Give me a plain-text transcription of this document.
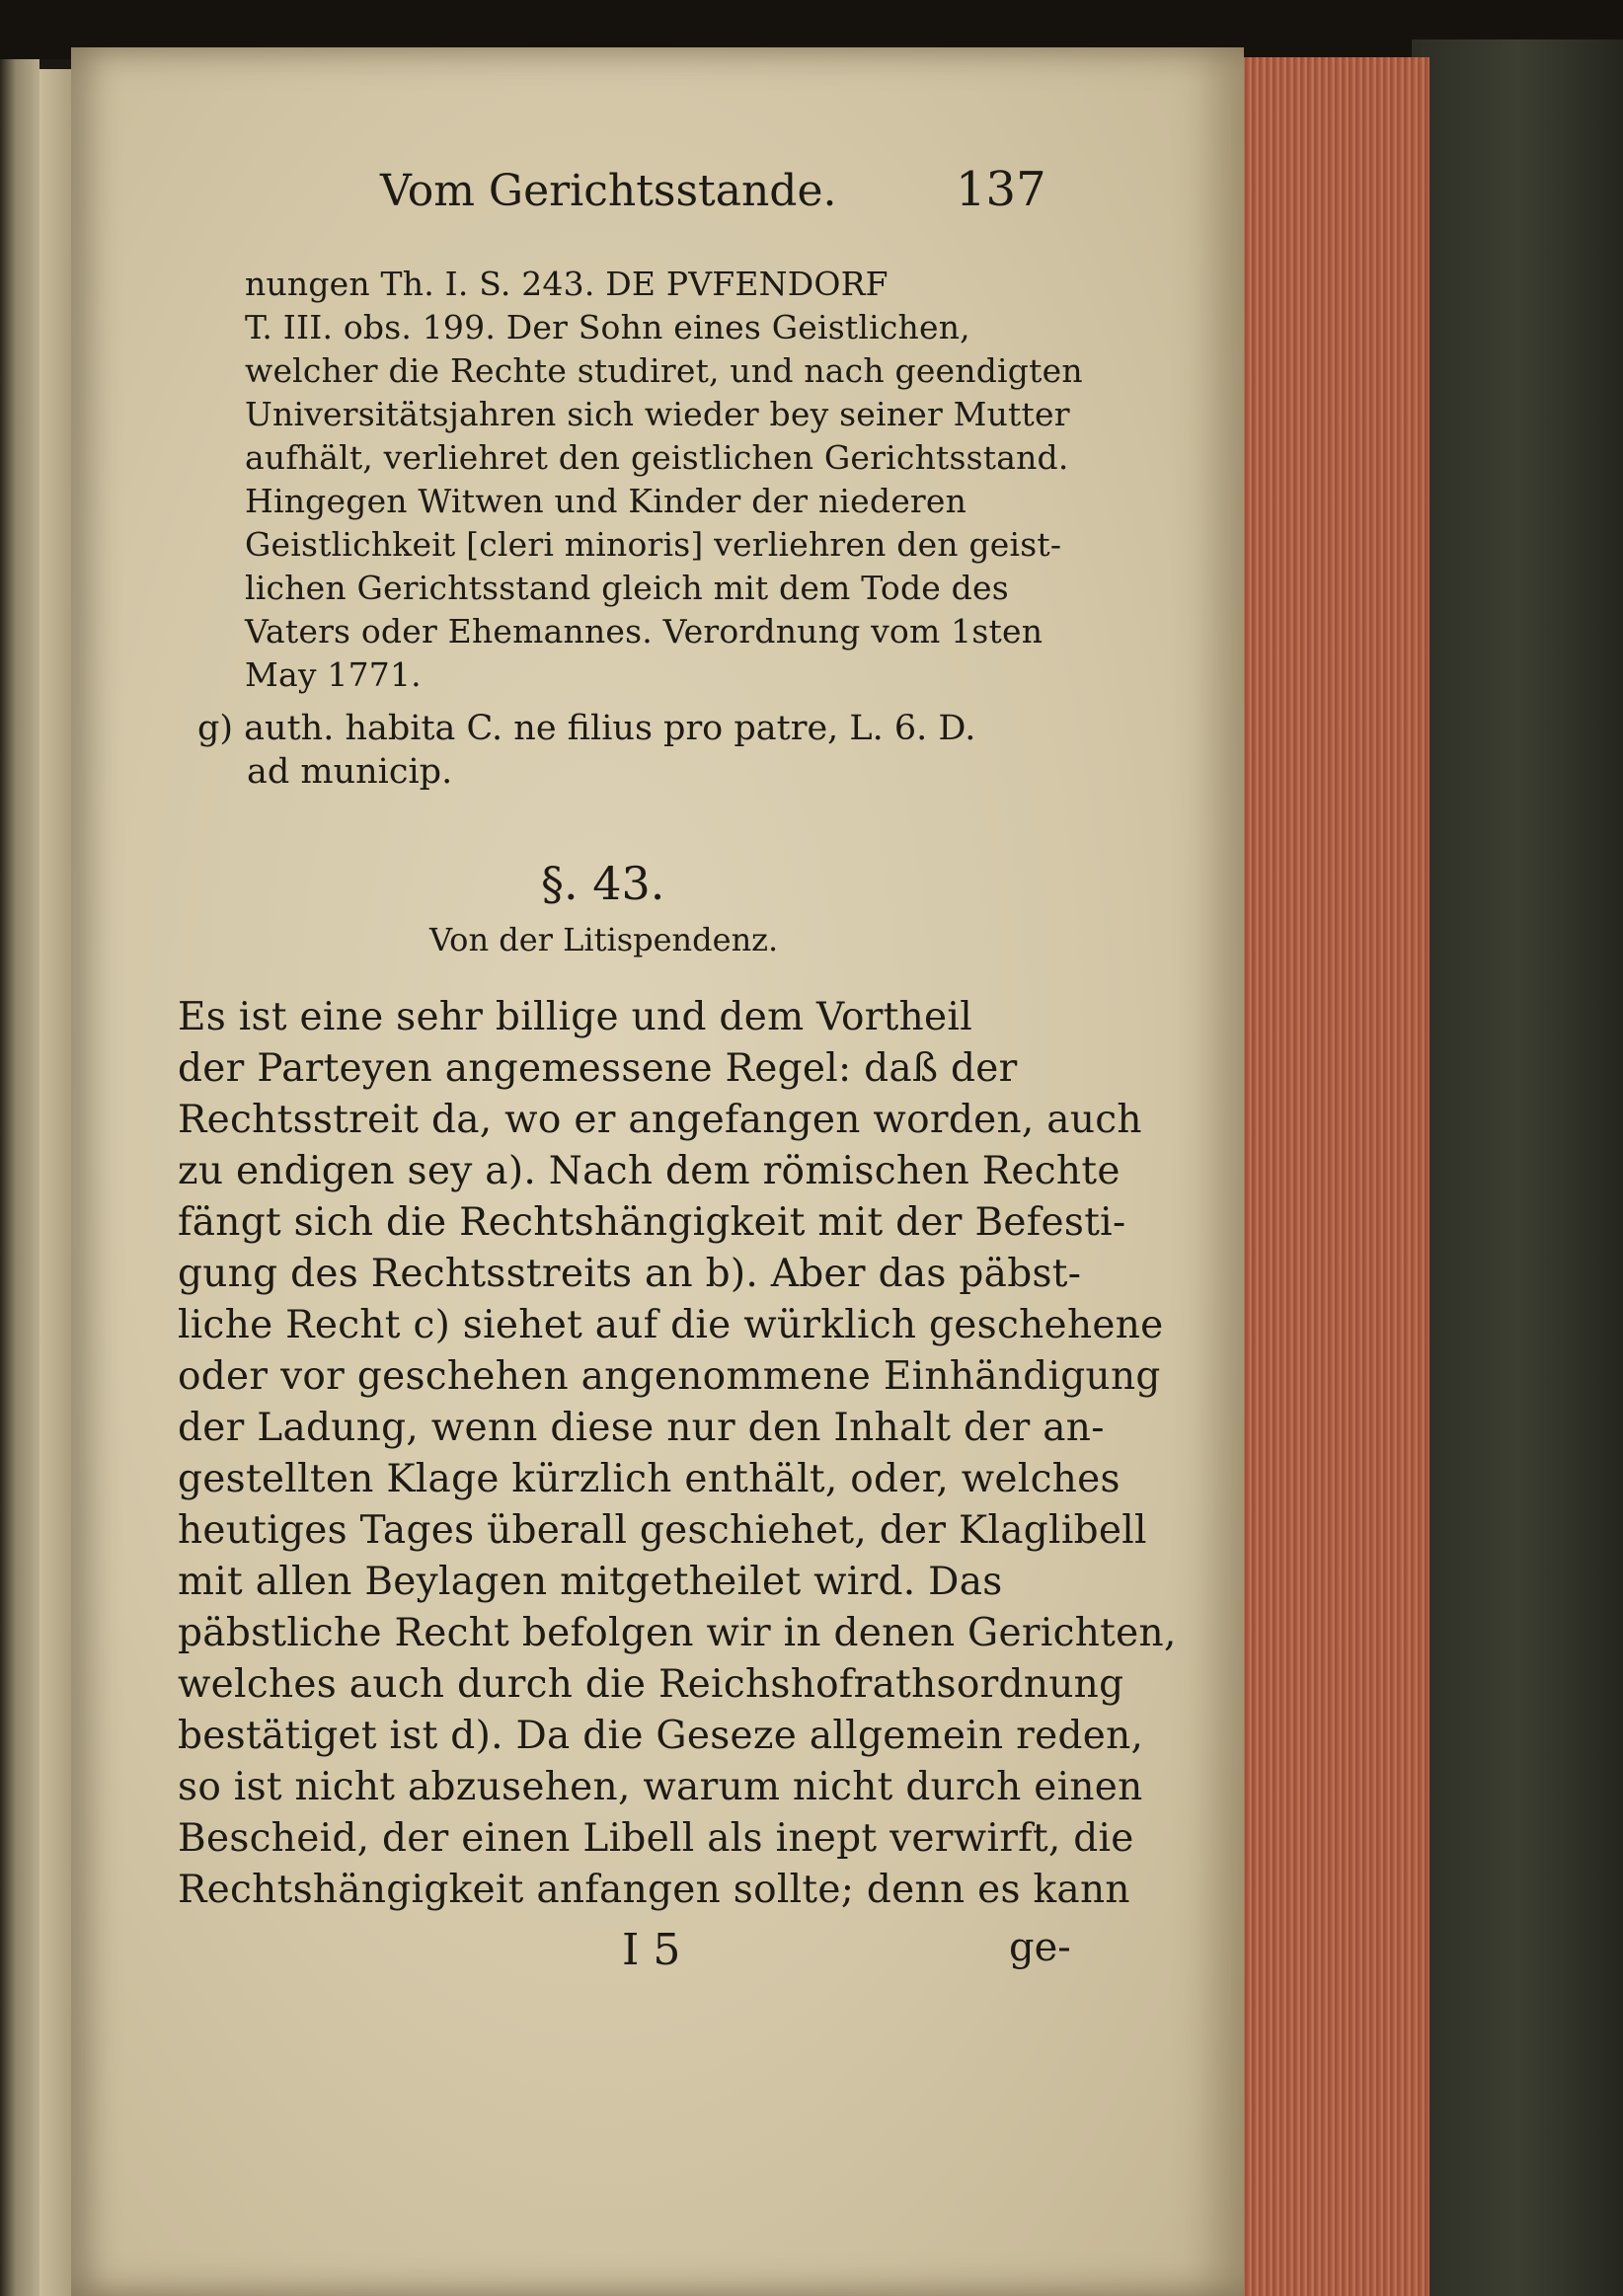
Vom Gerichtsstande.	137
nungen Th. I. S. 243. DE PVFENDORF
T. III. obs. 199. Der Sohn eines Geistlichen,
welcher die Rechte studiret, und nach geendigten
Universitätsjahren sich wieder bey seiner Mutter
aufhält, verliehret den geistlichen Gerichtsstand.
Hingegen Witwen und Kinder der niederen
Geistlichkeit [cleri minoris] verliehren den geist-
lichen Gerichtsstand gleich mit dem Tode des
Vaters oder Ehemannes. Verordnung vom 1sten
May 1771.
g) auth. habita C. ne filius pro patre, L. 6. D.
ad municip.
§. 43.
Von der Litispendenz.
Es ist eine sehr billige und dem Vortheil
der Parteyen angemessene Regel: daß der
Rechtsstreit da, wo er angefangen worden, auch
zu endigen sey a). Nach dem römischen Rechte
fängt sich die Rechtshängigkeit mit der Befesti-
gung des Rechtsstreits an b). Aber das päbst-
liche Recht c) siehet auf die würklich geschehene
oder vor geschehen angenommene Einhändigung
der Ladung, wenn diese nur den Inhalt der an-
gestellten Klage kürzlich enthält, oder, welches
heutiges Tages überall geschiehet, der Klaglibell
mit allen Beylagen mitgetheilet wird. Das
päbstliche Recht befolgen wir in denen Gerichten,
welches auch durch die Reichshofrathsordnung
bestätiget ist d). Da die Geseze allgemein reden,
so ist nicht abzusehen, warum nicht durch einen
Bescheid, der einen Libell als inept verwirft, die
Rechtshängigkeit anfangen sollte; denn es kann
I 5	ge-
